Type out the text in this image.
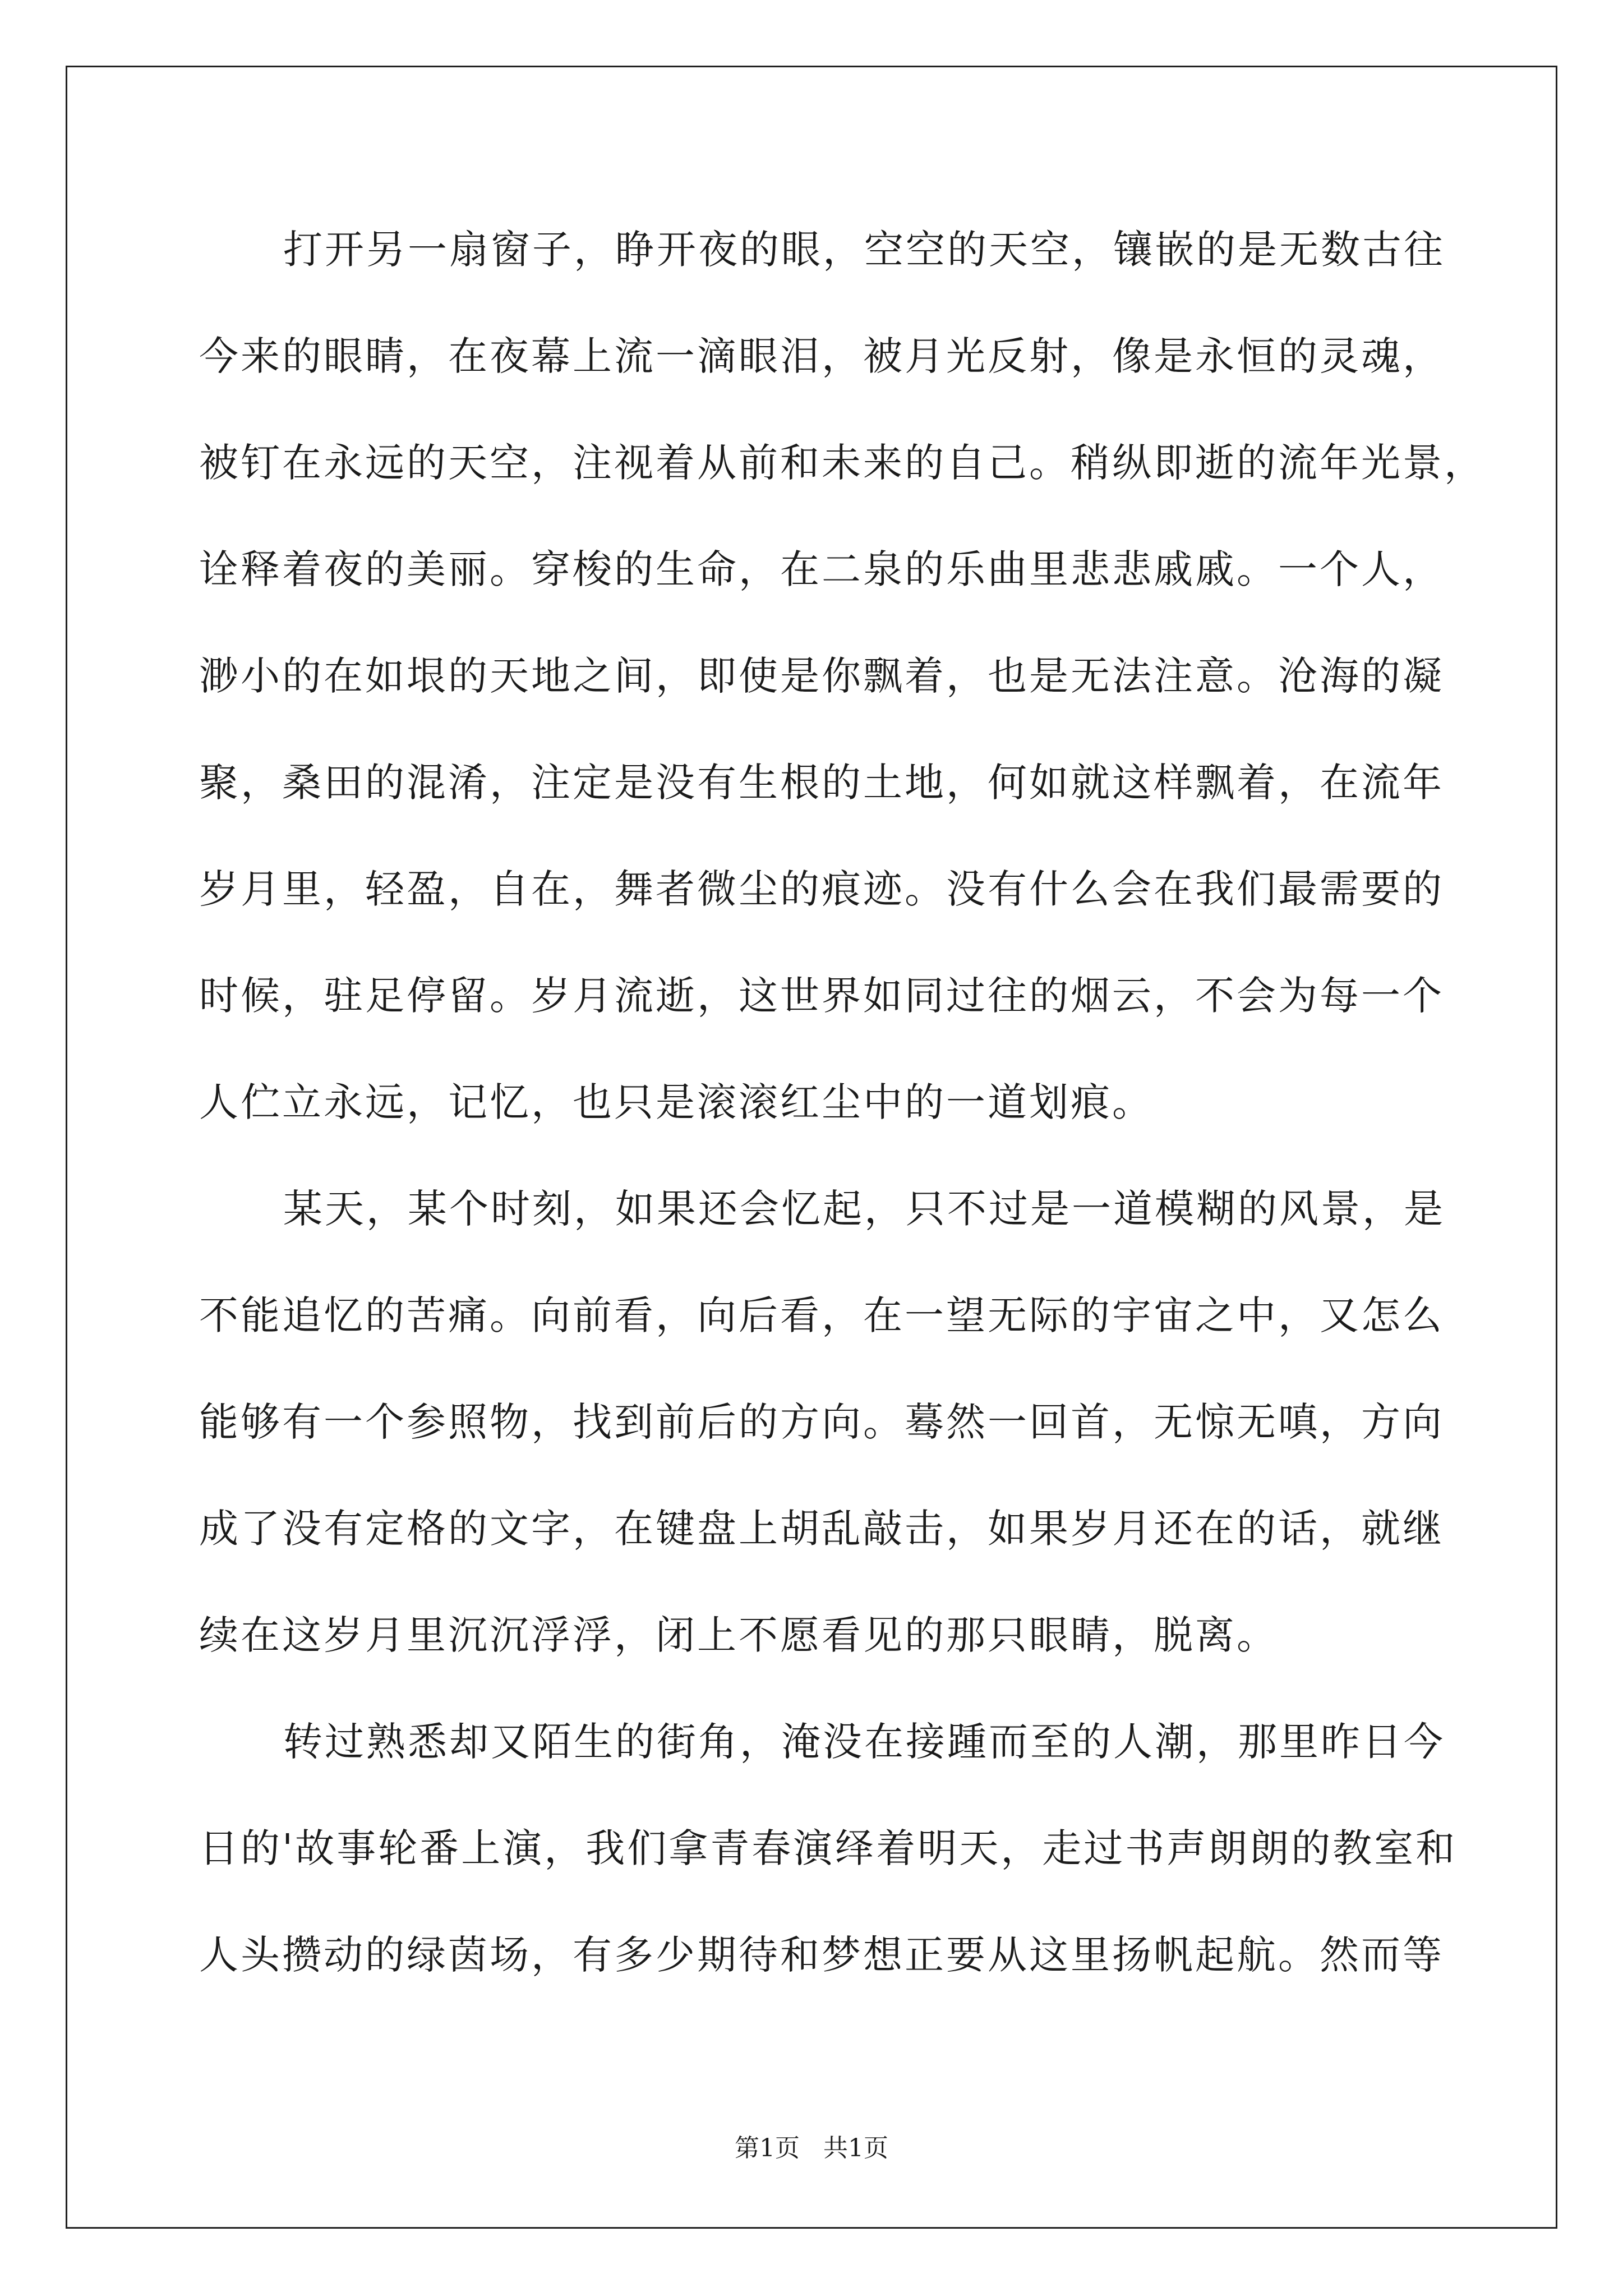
打开另一扇窗子，睁开夜的眼，空空的天空，镶嵌的是无数古往
今来的眼睛，在夜幕上流一滴眼泪，被月光反射，像是永恒的灵魂，
被钉在永远的天空，注视着从前和未来的自己。稍纵即逝的流年光景，
诠释着夜的美丽。穿梭的生命，在二泉的乐曲里悲悲戚戚。一个人，
渺小的在如垠的天地之间，即使是你飘着，也是无法注意。沧海的凝
聚，桑田的混淆，注定是没有生根的土地，何如就这样飘着，在流年
岁月里，轻盈，自在，舞者微尘的痕迹。没有什么会在我们最需要的
时候，驻足停留。岁月流逝，这世界如同过往的烟云，不会为每一个
人伫立永远，记忆，也只是滚滚红尘中的一道划痕。
某天，某个时刻，如果还会忆起，只不过是一道模糊的风景，是
不能追忆的苦痛。向前看，向后看，在一望无际的宇宙之中，又怎么
能够有一个参照物，找到前后的方向。蓦然一回首，无惊无嗔，方向
成了没有定格的文字，在键盘上胡乱敲击，如果岁月还在的话，就继
续在这岁月里沉沉浮浮，闭上不愿看见的那只眼睛，脱离。
转过熟悉却又陌生的街角，淹没在接踵而至的人潮，那里昨日今
日的'故事轮番上演，我们拿青春演绎着明天，走过书声朗朗的教室和
人头攒动的绿茵场，有多少期待和梦想正要从这里扬帆起航。然而等
第1页   共1页
